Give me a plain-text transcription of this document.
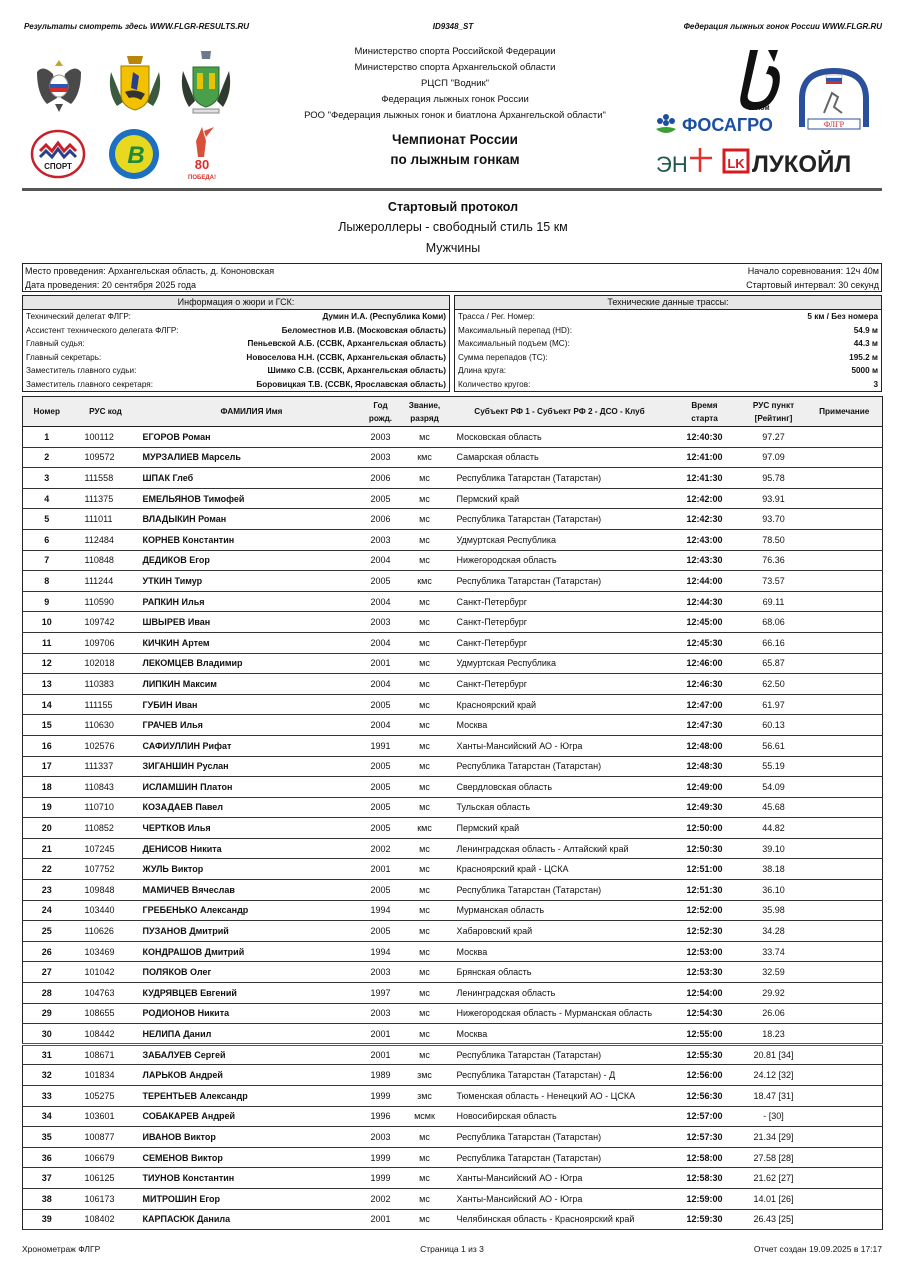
Результаты смотреть здесь WWW.FLGR-RESULTS.RU	ID9348_ST	Федерация лыжных гонок России WWW.FLGR.RU
СПОРТ В	80
ПОБЕДА!
Министерство спорта Российской Федерации
Министерство спорта Архангельской области
РЦСП "Водник"
Федерация лыжных гонок России
РОО "Федерация лыжных гонок и биатлона Архангельской области"
Чемпионат России
по лыжным гонкам
BIVIUM
ФЛГР
ФОСАГРО
ЭН	LK ЛУКОЙЛ
Стартовый протокол
Лыжероллеры - свободный стиль 15 км
Мужчины
Место проведения: Архангельская область, д. Кононовская	Начало соревнования: 12ч 40м
Дата проведения: 20 сентября 2025 года	Стартовый интервал: 30 секунд
Информация о жюри и ГСК:
Технический делегат ФЛГР:	Думин И.А. (Республика Коми)
Ассистент технического делегата ФЛГР:	Беломестнов И.В. (Московская область)
Главный судья:	Пеньевской А.Б. (ССВК, Архангельская область)
Главный секретарь:	Новоселова Н.Н. (ССВК, Архангельская область)
Заместитель главного судьи:	Шимко С.В. (ССВК, Архангельская область)
Заместитель главного секретаря:	Боровицкая Т.В. (ССВК, Ярославская область)
Технические данные трассы:
Трасса / Рег. Номер:	5 км / Без номера
Максимальный перепад (HD):	54.9 м
Максимальный подъем (MC):	44.3 м
Сумма перепадов (TC):	195.2 м
Длина круга:	5000 м
Количество кругов:	3
Номер	РУС код	ФАМИЛИЯ Имя	
Год
рожд.

Звание,
разряд
	Субъект РФ 1 - Субъект РФ 2 - ДСО - Клуб	
Время
старта

РУС пункт
[Рейтинг]
	Примечание
1	100112	ЕГОРОВ Роман	2003	мс	Московская область	12:40:30	97.27	
2	109572	МУРЗАЛИЕВ Марсель	2003	кмс	Самарская область	12:41:00	97.09	
3	111558	ШПАК Глеб	2006	мс	Республика Татарстан (Татарстан)	12:41:30	95.78	
4	111375	ЕМЕЛЬЯНОВ Тимофей	2005	мс	Пермский край	12:42:00	93.91	
5	111011	ВЛАДЫКИН Роман	2006	мс	Республика Татарстан (Татарстан)	12:42:30	93.70	
6	112484	КОРНЕВ Константин	2003	мс	Удмуртская Республика	12:43:00	78.50	
7	110848	ДЕДИКОВ Егор	2004	мс	Нижегородская область	12:43:30	76.36	
8	111244	УТКИН Тимур	2005	кмс	Республика Татарстан (Татарстан)	12:44:00	73.57	
9	110590	РАПКИН Илья	2004	мс	Санкт-Петербург	12:44:30	69.11	
10	109742	ШВЫРЕВ Иван	2003	мс	Санкт-Петербург	12:45:00	68.06	
11	109706	КИЧКИН Артем	2004	мс	Санкт-Петербург	12:45:30	66.16	
12	102018	ЛЕКОМЦЕВ Владимир	2001	мс	Удмуртская Республика	12:46:00	65.87	
13	110383	ЛИПКИН Максим	2004	мс	Санкт-Петербург	12:46:30	62.50	
14	111155	ГУБИН Иван	2005	мс	Красноярский край	12:47:00	61.97	
15	110630	ГРАЧЕВ Илья	2004	мс	Москва	12:47:30	60.13	
16	102576	САФИУЛЛИН Рифат	1991	мс	Ханты-Мансийский АО - Югра	12:48:00	56.61	
17	111337	ЗИГАНШИН Руслан	2005	мс	Республика Татарстан (Татарстан)	12:48:30	55.19	
18	110843	ИСЛАМШИН Платон	2005	мс	Свердловская область	12:49:00	54.09	
19	110710	КОЗАДАЕВ Павел	2005	мс	Тульская область	12:49:30	45.68	
20	110852	ЧЕРТКОВ Илья	2005	кмс	Пермский край	12:50:00	44.82	
21	107245	ДЕНИСОВ Никита	2002	мс	Ленинградская область - Алтайский край	12:50:30	39.10	
22	107752	ЖУЛЬ Виктор	2001	мс	Красноярский край - ЦСКА	12:51:00	38.18	
23	109848	МАМИЧЕВ Вячеслав	2005	мс	Республика Татарстан (Татарстан)	12:51:30	36.10	
24	103440	ГРЕБЕНЬКО Александр	1994	мс	Мурманская область	12:52:00	35.98	
25	110626	ПУЗАНОВ Дмитрий	2005	мс	Хабаровский край	12:52:30	34.28	
26	103469	КОНДРАШОВ Дмитрий	1994	мс	Москва	12:53:00	33.74	
27	101042	ПОЛЯКОВ Олег	2003	мс	Брянская область	12:53:30	32.59	
28	104763	КУДРЯВЦЕВ Евгений	1997	мс	Ленинградская область	12:54:00	29.92	
29	108655	РОДИОНОВ Никита	2003	мс	Нижегородская область - Мурманская область	12:54:30	26.06	
30	108442	НЕЛИПА Данил	2001	мс	Москва	12:55:00	18.23	
31	108671	ЗАБАЛУЕВ Сергей	2001	мс	Республика Татарстан (Татарстан)	12:55:30	20.81 [34]	
32	101834	ЛАРЬКОВ Андрей	1989	змс	Республика Татарстан (Татарстан) - Д	12:56:00	24.12 [32]	
33	105275	ТЕРЕНТЬЕВ Александр	1999	змс	Тюменская область - Ненецкий АО - ЦСКА	12:56:30	18.47 [31]	
34	103601	СОБАКАРЕВ Андрей	1996	мсмк	Новосибирская область	12:57:00	- [30]	
35	100877	ИВАНОВ Виктор	2003	мс	Республика Татарстан (Татарстан)	12:57:30	21.34 [29]	
36	106679	СЕМЕНОВ Виктор	1999	мс	Республика Татарстан (Татарстан)	12:58:00	27.58 [28]	
37	106125	ТИУНОВ Константин	1999	мс	Ханты-Мансийский АО - Югра	12:58:30	21.62 [27]	
38	106173	МИТРОШИН Егор	2002	мс	Ханты-Мансийский АО - Югра	12:59:00	14.01 [26]	
39	108402	КАРПАСЮК Данила	2001	мс	Челябинская область - Красноярский край	12:59:30	26.43 [25]	
Хронометраж ФЛГР	Страница 1 из 3	Отчет создан 19.09.2025 в 17:17
